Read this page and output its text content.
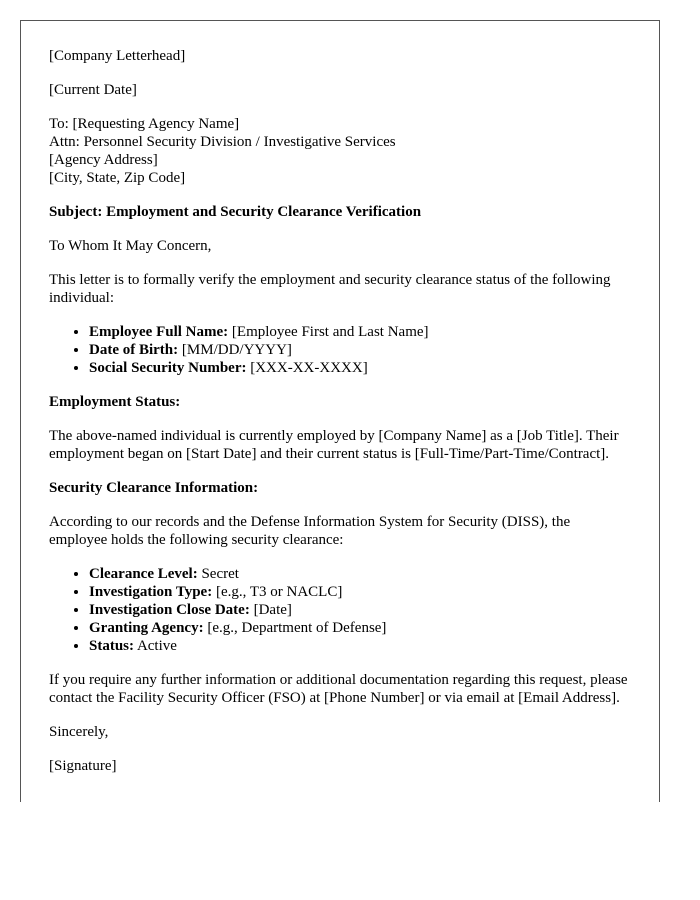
[Company Letterhead]

[Current Date]

To: [Requesting Agency Name]
Attn: Personnel Security Division / Investigative Services
[Agency Address]
[City, State, Zip Code]

Subject: Employment and Security Clearance Verification

To Whom It May Concern,

This letter is to formally verify the employment and security clearance status of the following individual:

• Employee Full Name: [Employee First and Last Name]
• Date of Birth: [MM/DD/YYYY]
• Social Security Number: [XXX-XX-XXXX]

Employment Status:

The above-named individual is currently employed by [Company Name] as a [Job Title]. Their employment began on [Start Date] and their current status is [Full-Time/Part-Time/Contract].

Security Clearance Information:

According to our records and the Defense Information System for Security (DISS), the employee holds the following security clearance:

• Clearance Level: Secret
• Investigation Type: [e.g., T3 or NACLC]
• Investigation Close Date: [Date]
• Granting Agency: [e.g., Department of Defense]
• Status: Active

If you require any further information or additional documentation regarding this request, please contact the Facility Security Officer (FSO) at [Phone Number] or via email at [Email Address].

Sincerely,

[Signature]
